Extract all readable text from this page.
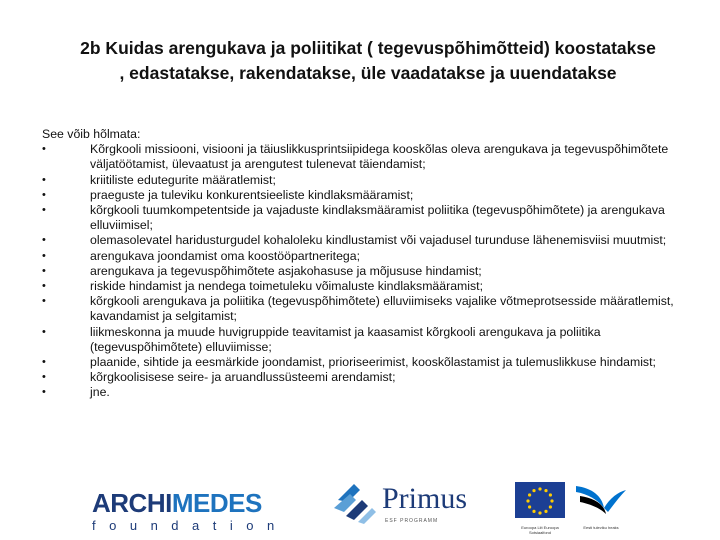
2b Kuidas arengukava ja poliitikat ( tegevuspõhimõtteid) koostatakse , edastatakse, rakendatakse, üle vaadatakse ja uuendatakse
See võib hõlmata:
•	Kõrgkooli missiooni, visiooni ja täiuslikkusprintsiipidega kooskõlas oleva arengukava ja tegevuspõhimõtete väljatöötamist, ülevaatust ja arengutest tulenevat täiendamist;
•	kriitiliste edutegurite määratlemist;
•	praeguste ja tuleviku konkurentsieeliste kindlaksmääramist;
•	kõrgkooli tuumkompetentside ja vajaduste kindlaksmääramist poliitika (tegevuspõhimõtete) ja arengukava elluviimisel;
•	olemasolevatel haridusturgudel kohaloleku kindlustamist või vajadusel turunduse lähenemisviisi muutmist;
•	arengukava joondamist oma koostööpartneritega;
•	arengukava ja tegevuspõhimõtete asjakohasuse ja mõjususe hindamist;
•	riskide hindamist ja nendega toimetuleku võimaluste kindlaksmääramist;
•	kõrgkooli arengukava ja poliitika (tegevuspõhimõtete) elluviimiseks vajalike võtmeprotsesside määratlemist, kavandamist ja selgitamist;
•	liikmeskonna ja muude huvigruppide teavitamist ja kaasamist kõrgkooli arengukava ja poliitika (tegevuspõhimõtete) elluviimisse;
•	plaanide, sihtide ja eesmärkide joondamist, prioriseerimist, kooskõlastamist ja tulemuslikkuse hindamist;
•	kõrgkoolisisese seire- ja aruandlussüsteemi arendamist;
•	jne.
ARCHIMEDES
foundation
Primus
ESF PROGRAMM
Euroopa Liit Euroopa Sotsiaalfond
Eesti tuleviku heaks
